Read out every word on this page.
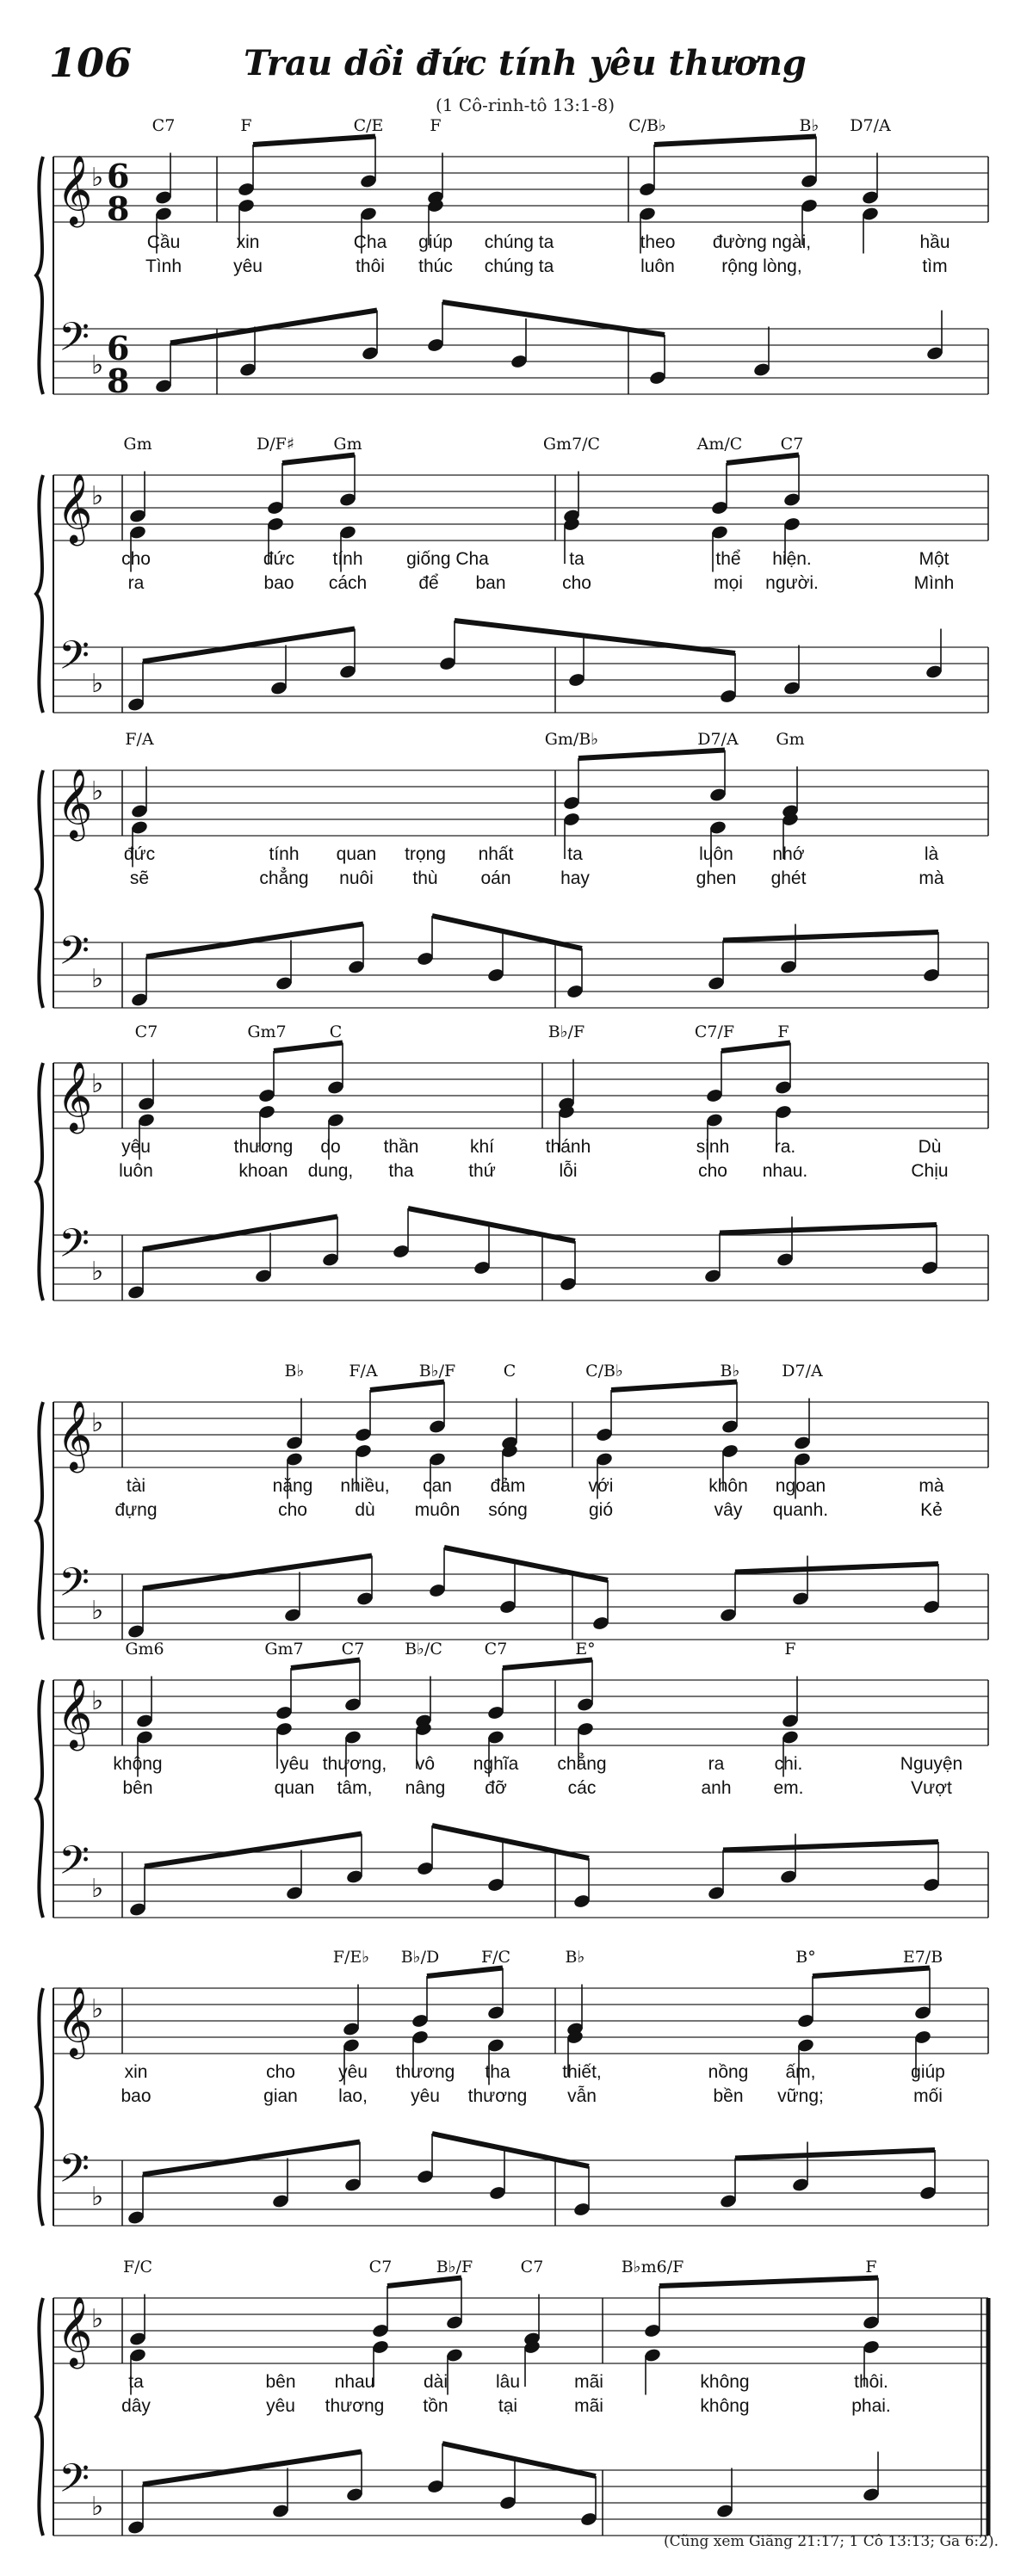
106	Trau dồi đức tính yêu thương
(1 Cô-rinh-tô 13:1-8)
𝄞
𝄢
♭
♭
6
6
8
8
C7	F	C/E	F	C/B♭	B♭ D7/A
Cầu	xin	Cha giúp chúng ta	theo đường ngài,	hầu
Tình	yêu	thôi thúc chúng ta	luôn	rộng lòng,	tìm
𝄞
𝄢
♭
♭
Gm	D/F♯ Gm	Gm7/C	Am/C C7
cho	đức tính giống Cha	ta	thể hiện.	Một
ra	bao cách	để ban	cho	mọi người.	Mình
𝄞
𝄢
♭
♭
F/A	Gm/B♭	D7/A Gm
đức	tính quan trọng nhất	ta	luôn nhớ	là
sẽ	chẳng nuôi thù oán	hay	ghen ghét	mà
𝄞
𝄢
♭
♭
C7	Gm7	C	B♭/F	C7/F	F
yêu	thương do thần	khí	thánh	sinh ra.	Dù
luôn	khoan dung, tha	thứ	lỗi	cho nhau.	Chịu
𝄞
𝄢
♭
♭
B♭	F/A	B♭/F	C	C/B♭	B♭	D7/A
tài	năng nhiều, can đảm	với	khôn ngoan	mà
đựng	cho	dù muôn sóng	gió	vây quanh.	Kẻ
𝄞
𝄢
♭
♭
Gm6	Gm7 C7 B♭/C	C7	E°	F
không	yêu thương, vô nghĩa chẳng	ra	chi.	Nguyện
bên	quan tâm, nâng đỡ	các	anh em.	Vượt
𝄞
𝄢
♭
♭
F/E♭ B♭/D	F/C	B♭	B°	E7/B
xin	cho yêu thương tha	thiết,	nồng ấm,	giúp
bao	gian lao, yêu thương vẫn	bền vững;	mối
𝄞
𝄢
♭
♭
F/C	C7	B♭/F	C7	B♭m6/F	F
ta	bên nhau	dài	lâu	mãi	không	thôi.
dây	yêu thương tồn	tại	mãi	không	phai.
(Cũng xem Giăng 21:17; 1 Cô 13:13; Ga 6:2).
